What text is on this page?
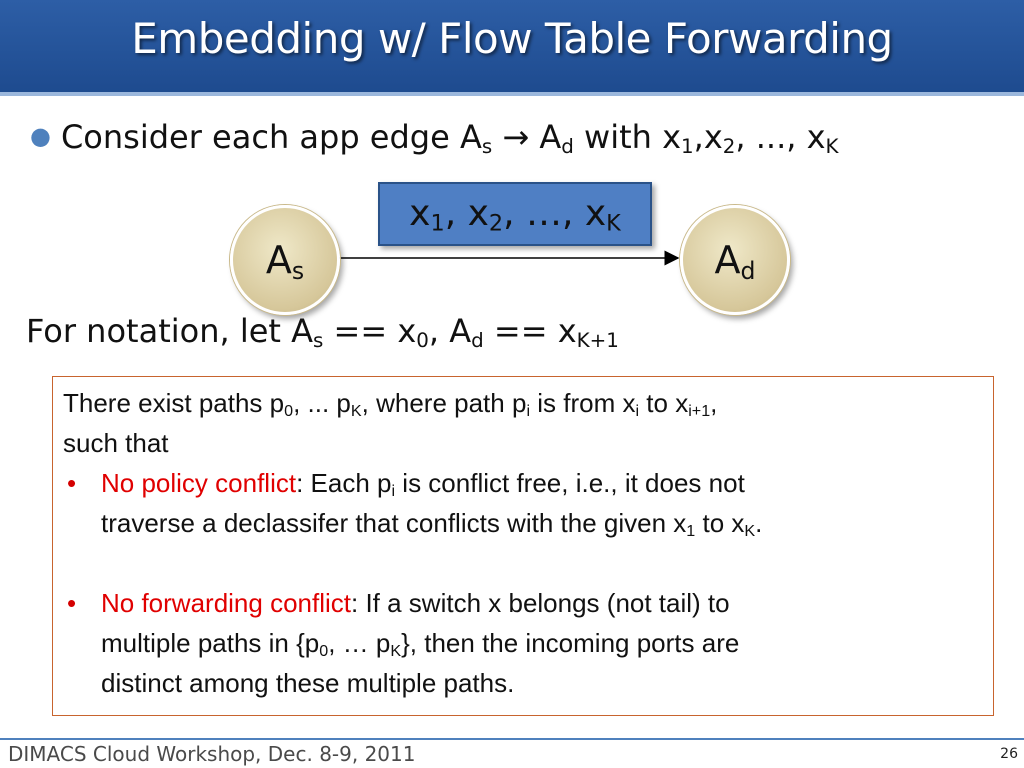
Embedding w/ Flow Table Forwarding
● Consider each app edge $A_s \to A_d$ with $x_1,x_2$, ..., $x_K$
$x_1$, $x_2$, …, $x_K$
$A_s$	$A_d$
For notation, let $A_s == x_0$, $A_d == x_{K+1}$

There exist paths $p_0$, ... $p_K$, where path $p_i$ is from $x_i$ to $x_{i+1}$,

such that

• No policy conflict: Each $p_i$ is conflict free, i.e., it does not
traverse a declassifer that conflicts with the given $x_1$ to $x_K$.
• No forwarding conflict: If a switch x belongs (not tail) to
multiple paths in {$p_0$, … $p_K$}, then the incoming ports are
distinct among these multiple paths.
DIMACS Cloud Workshop, Dec. 8-9, 2011	26
